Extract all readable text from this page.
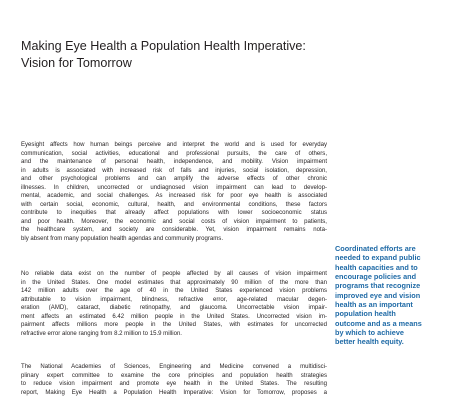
Making Eye Health a Population Health Imperative:
Vision for Tomorrow
Eyesight affects how human beings perceive and interpret the world and is used for everyday
communication, social activities, educational and professional pursuits, the care of others,
and the maintenance of personal health, independence, and mobility. Vision impairment
in adults is associated with increased risk of falls and injuries, social isolation, depression,
and other psychological problems and can amplify the adverse effects of other chronic
illnesses. In children, uncorrected or undiagnosed vision impairment can lead to develop-
mental, academic, and social challenges. As increased risk for poor eye health is associated
with certain social, economic, cultural, health, and environmental conditions, these factors
contribute to inequities that already affect populations with lower socioeconomic status
and poor health. Moreover, the economic and social costs of vision impairment to patients,
the healthcare system, and society are considerable. Yet, vision impairment remains nota-
bly absent from many population health agendas and community programs.
No reliable data exist on the number of people affected by all causes of vision impairment
in the United States. One model estimates that approximately 90 million of the more than
142 million adults over the age of 40 in the United States experienced vision problems
attributable to vision impairment, blindness, refractive error, age-related macular degen-
eration (AMD), cataract, diabetic retinopathy, and glaucoma. Uncorrectable vision impair-
ment affects an estimated 6.42 million people in the United States. Uncorrected vision im-
pairment affects millions more people in the United States, with estimates for uncorrected
refractive error alone ranging from 8.2 million to 15.9 million.
The National Academies of Sciences, Engineering and Medicine convened a multidisci-
plinary expert committee to examine the core principles and population health strategies
to reduce vision impairment and promote eye health in the United States. The resulting
report, Making Eye Health a Population Health Imperative: Vision for Tomorrow, proposes a
Coordinated efforts are
needed to expand public
health capacities and to
encourage policies and
programs that recognize
improved eye and vision
health as an important
population health
outcome and as a means
by which to achieve
better health equity.
